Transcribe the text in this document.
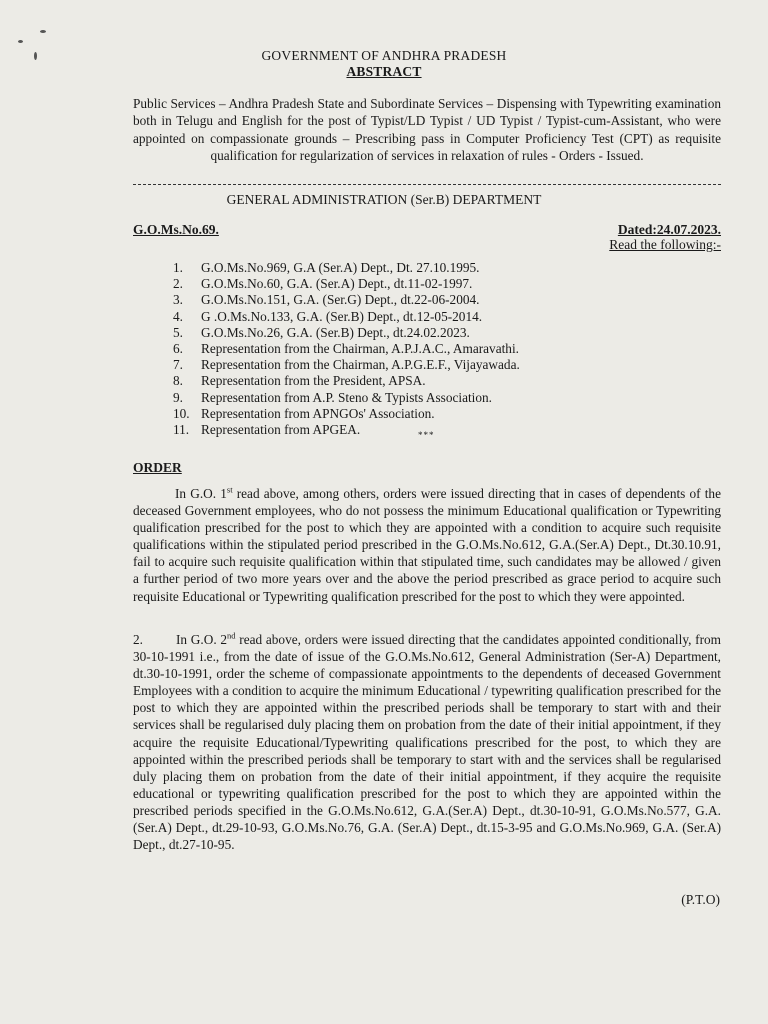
GOVERNMENT OF ANDHRA PRADESH
ABSTRACT
Public Services – Andhra Pradesh State and Subordinate Services – Dispensing with Typewriting examination both in Telugu and English for the post of Typist/LD Typist / UD Typist / Typist-cum-Assistant, who were appointed on compassionate grounds – Prescribing pass in Computer Proficiency Test (CPT) as requisite qualification for regularization of services in relaxation of rules - Orders - Issued.
GENERAL ADMINISTRATION (Ser.B) DEPARTMENT
G.O.Ms.No.69.	Dated:24.07.2023.
Read the following:-
1.	G.O.Ms.No.969, G.A (Ser.A) Dept., Dt. 27.10.1995.
2.	G.O.Ms.No.60, G.A. (Ser.A) Dept., dt.11-02-1997.
3.	G.O.Ms.No.151, G.A. (Ser.G) Dept., dt.22-06-2004.
4.	G .O.Ms.No.133, G.A. (Ser.B) Dept., dt.12-05-2014.
5.	G.O.Ms.No.26, G.A. (Ser.B) Dept., dt.24.02.2023.
6.	Representation from the Chairman, A.P.J.A.C., Amaravathi.
7.	Representation from the Chairman, A.P.G.E.F., Vijayawada.
8.	Representation from the President, APSA.
9.	Representation from A.P. Steno & Typists Association.
10. Representation from APNGOs' Association.
11. Representation from APGEA.	***
ORDER
In G.O. 1st read above, among others, orders were issued directing that in cases of dependents of the deceased Government employees, who do not possess the minimum Educational qualification or Typewriting qualification prescribed for the post to which they are appointed with a condition to acquire such requisite qualifications within the stipulated period prescribed in the G.O.Ms.No.612, G.A.(Ser.A) Dept., Dt.30.10.91, fail to acquire such requisite qualification within that stipulated time, such candidates may be allowed / given a further period of two more years over and the above the period prescribed as grace period to acquire such requisite Educational or Typewriting qualification prescribed for the post to which they were appointed.
2. In G.O. 2nd read above, orders were issued directing that the candidates appointed conditionally, from 30-10-1991 i.e., from the date of issue of the G.O.Ms.No.612, General Administration (Ser-A) Department, dt.30-10-1991, order the scheme of compassionate appointments to the dependents of deceased Government Employees with a condition to acquire the minimum Educational / typewriting qualification prescribed for the post to which they are appointed within the prescribed periods shall be temporary to start with and their services shall be regularised duly placing them on probation from the date of their initial appointment, if they acquire the requisite Educational/Typewriting qualifications prescribed for the post, to which they are appointed within the prescribed periods shall be temporary to start with and the services shall be regularised duly placing them on probation from the date of their initial appointment, if they acquire the requisite educational or typewriting qualification prescribed for the post to which they are appointed within the prescribed periods specified in the G.O.Ms.No.612, G.A.(Ser.A) Dept., dt.30-10-91, G.O.Ms.No.577, G.A. (Ser.A) Dept., dt.29-10-93, G.O.Ms.No.76, G.A. (Ser.A) Dept., dt.15-3-95 and G.O.Ms.No.969, G.A. (Ser.A) Dept., dt.27-10-95.
(P.T.O)
